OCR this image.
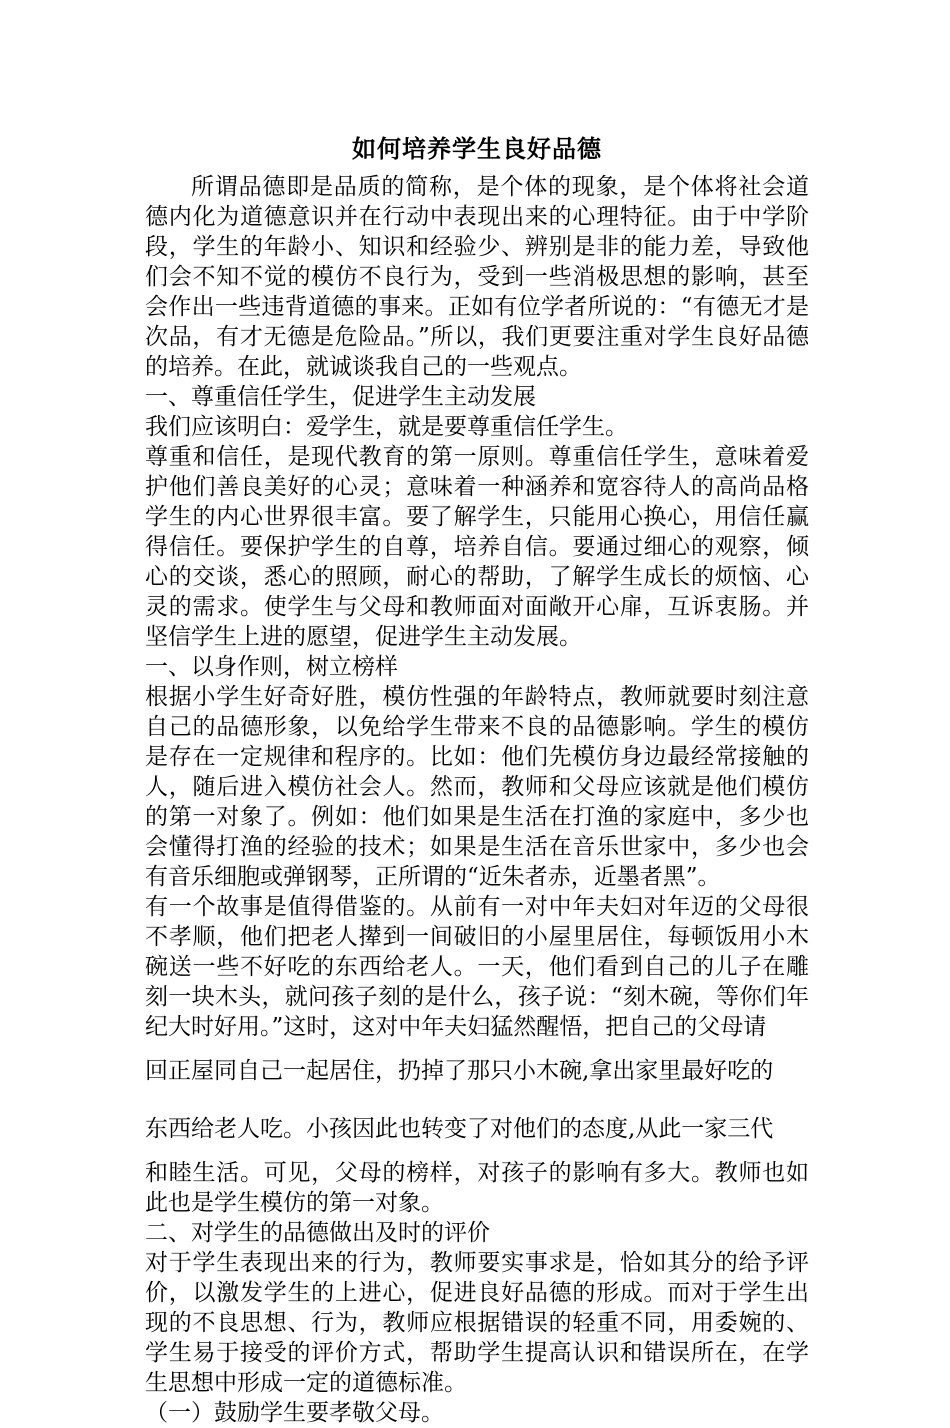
如何培养学生良好品德

所谓品德即是品质的简称，是个体的现象，是个体将社会道德内化为道德意识并在行动中表现出来的心理特征。由于中学阶段，学生的年龄小、知识和经验少、辨别是非的能力差，导致他们会不知不觉的模仿不良行为，受到一些消极思想的影响，甚至会作出一些违背道德的事来。正如有位学者所说的：“有德无才是次品，有才无德是危险品。”所以，我们更要注重对学生良好品德的培养。在此，就诚谈我自己的一些观点。

一、尊重信任学生，促进学生主动发展

我们应该明白：爱学生，就是要尊重信任学生。

尊重和信任，是现代教育的第一原则。尊重信任学生，意味着爱护他们善良美好的心灵；意味着一种涵养和宽容待人的高尚品格学生的内心世界很丰富。要了解学生，只能用心换心，用信任赢得信任。要保护学生的自尊，培养自信。要通过细心的观察，倾心的交谈，悉心的照顾，耐心的帮助，了解学生成长的烦恼、心灵的需求。使学生与父母和教师面对面敞开心扉，互诉衷肠。并坚信学生上进的愿望，促进学生主动发展。

一、以身作则，树立榜样

根据小学生好奇好胜，模仿性强的年龄特点，教师就要时刻注意自己的品德形象，以免给学生带来不良的品德影响。学生的模仿是存在一定规律和程序的。比如：他们先模仿身边最经常接触的人，随后进入模仿社会人。然而，教师和父母应该就是他们模仿的第一对象了。例如：他们如果是生活在打渔的家庭中，多少也会懂得打渔的经验的技术；如果是生活在音乐世家中，多少也会有音乐细胞或弹钢琴，正所谓的“近朱者赤，近墨者黑”。

有一个故事是值得借鉴的。从前有一对中年夫妇对年迈的父母很不孝顺，他们把老人撵到一间破旧的小屋里居住，每顿饭用小木碗送一些不好吃的东西给老人。一天，他们看到自己的儿子在雕刻一块木头，就问孩子刻的是什么，孩子说：“刻木碗，等你们年纪大时好用。”这时，这对中年夫妇猛然醒悟，把自己的父母请

回正屋同自己一起居住，扔掉了那只小木碗,拿出家里最好吃的

东西给老人吃。小孩因此也转变了对他们的态度,从此一家三代

和睦生活。可见，父母的榜样，对孩子的影响有多大。教师也如此也是学生模仿的第一对象。

二、对学生的品德做出及时的评价

对于学生表现出来的行为，教师要实事求是，恰如其分的给予评价，以激发学生的上进心，促进良好品德的形成。而对于学生出现的不良思想、行为，教师应根据错误的轻重不同，用委婉的、学生易于接受的评价方式，帮助学生提高认识和错误所在，在学生思想中形成一定的道德标准。

（一）鼓励学生要孝敬父母。
